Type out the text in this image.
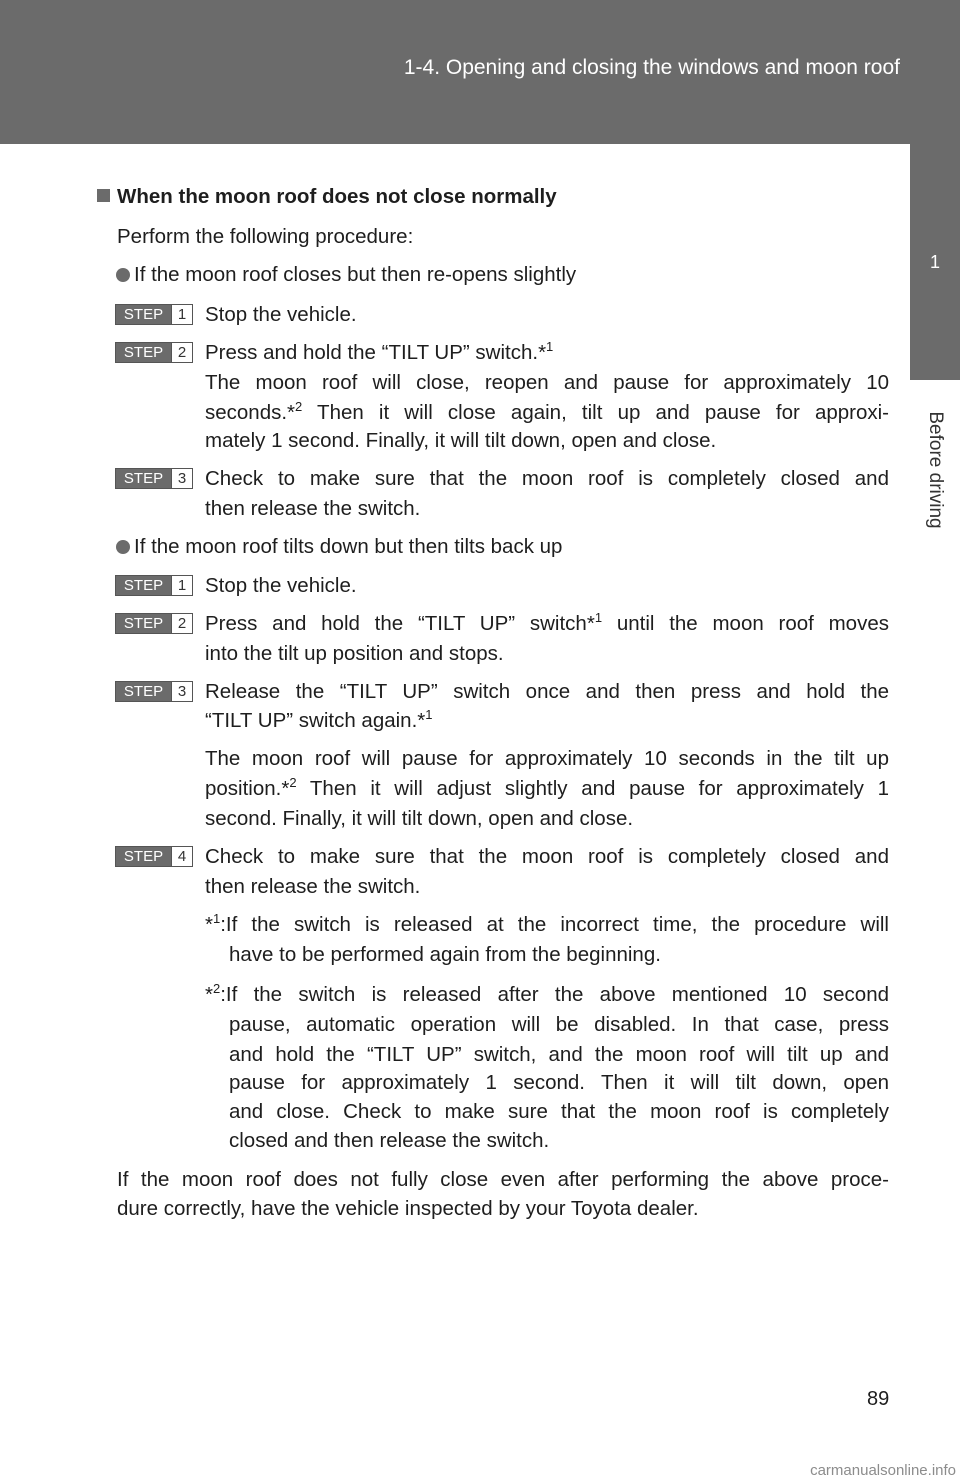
1-4. Opening and closing the windows and moon roof
1
Before driving
When the moon roof does not close normally
Perform the following procedure:
If the moon roof closes but then re-opens slightly
STEP 1 Stop the vehicle.
STEP 2 Press and hold the “TILT UP” switch.*$^1$
The moon roof will close, reopen and pause for approximately 10
seconds.*$^2$ Then it will close again, tilt up and pause for approxi-
mately 1 second. Finally, it will tilt down, open and close.
STEP 3 Check to make sure that the moon roof is completely closed and
then release the switch.
If the moon roof tilts down but then tilts back up
STEP 1 Stop the vehicle.
STEP 2 Press and hold the “TILT UP” switch*$^1$ until the moon roof moves
into the tilt up position and stops.
STEP 3 Release the “TILT UP” switch once and then press and hold the
“TILT UP” switch again.*$^1$
The moon roof will pause for approximately 10 seconds in the tilt up
position.*$^2$ Then it will adjust slightly and pause for approximately 1
second. Finally, it will tilt down, open and close.
STEP 4 Check to make sure that the moon roof is completely closed and
then release the switch.
*$^1$:If the switch is released at the incorrect time, the procedure will
have to be performed again from the beginning.
*$^2$:If the switch is released after the above mentioned 10 second
pause, automatic operation will be disabled. In that case, press
and hold the “TILT UP” switch, and the moon roof will tilt up and
pause for approximately 1 second. Then it will tilt down, open
and close. Check to make sure that the moon roof is completely
closed and then release the switch.
If the moon roof does not fully close even after performing the above proce-
dure correctly, have the vehicle inspected by your Toyota dealer.
89
carmanualsonline.info
